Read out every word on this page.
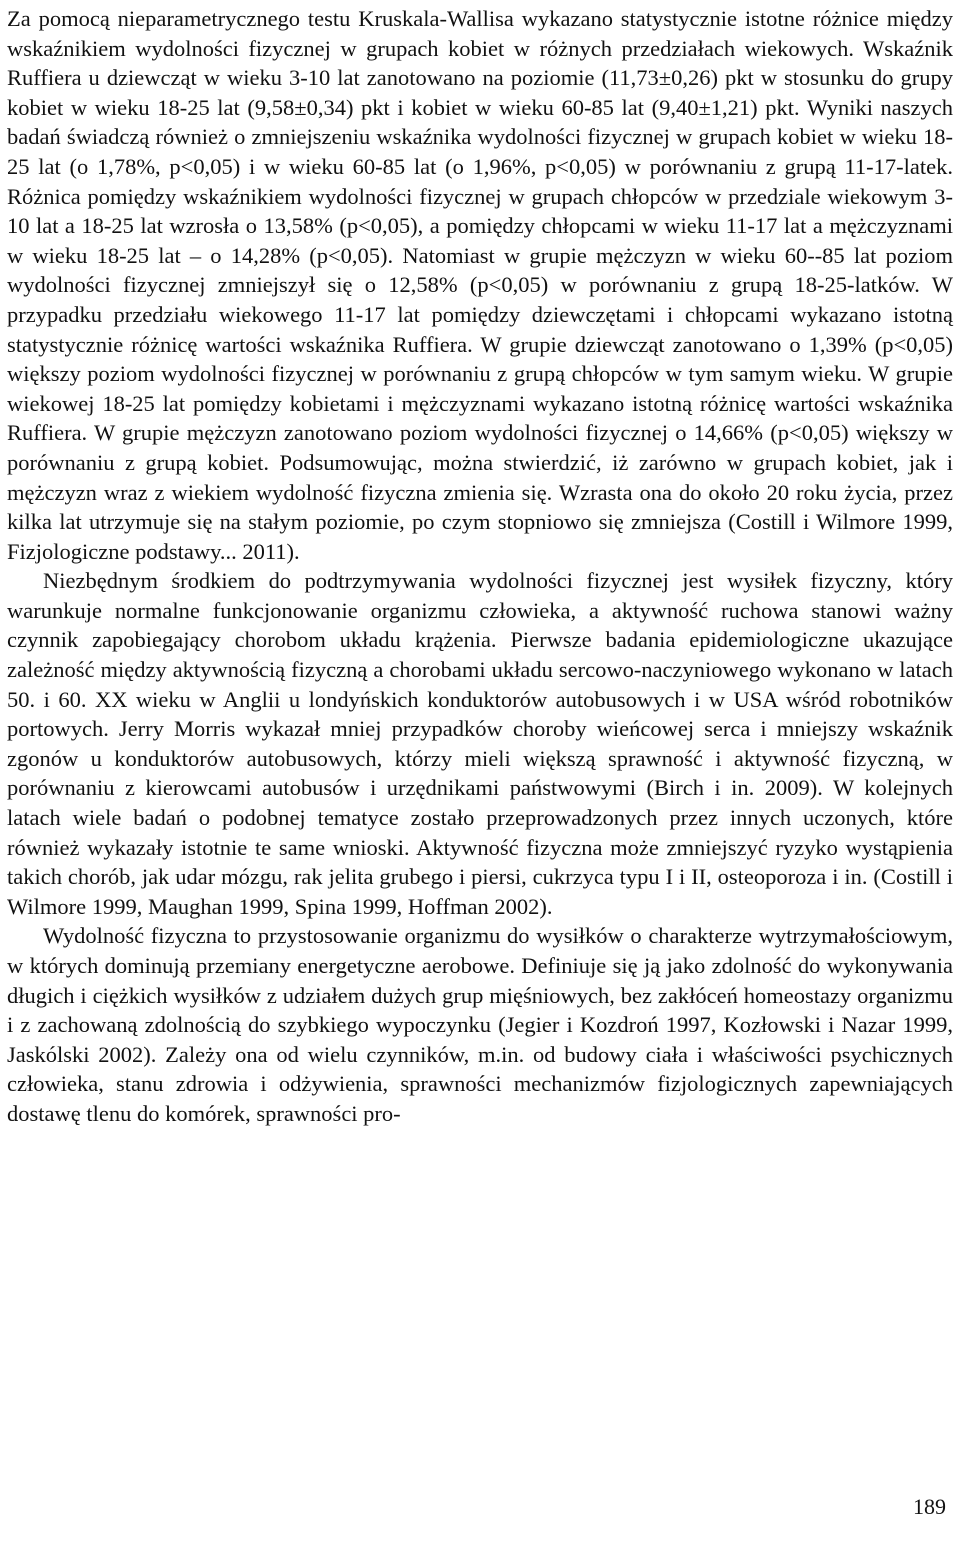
Za pomocą nieparametrycznego testu Kruskala-Wallisa wykazano statystycznie istotne różnice między wskaźnikiem wydolności fizycznej w grupach kobiet w różnych przedziałach wiekowych. Wskaźnik Ruffiera u dziewcząt w wieku 3-10 lat zanotowano na poziomie (11,73±0,26) pkt w stosunku do grupy kobiet w wieku 18-25 lat (9,58±0,34) pkt i kobiet w wieku 60-85 lat (9,40±1,21) pkt. Wyniki naszych badań świadczą również o zmniejszeniu wskaźnika wydolności fizycznej w grupach kobiet w wieku 18-25 lat (o 1,78%, p<0,05) i w wieku 60-85 lat (o 1,96%, p<0,05) w porównaniu z grupą 11-17-latek. Różnica pomiędzy wskaźnikiem wydolności fizycznej w grupach chłopców w przedziale wiekowym 3-10 lat a 18-25 lat wzrosła o 13,58% (p<0,05), a pomiędzy chłopcami w wieku 11-17 lat a mężczyznami w wieku 18-25 lat – o 14,28% (p<0,05). Natomiast w grupie mężczyzn w wieku 60--85 lat poziom wydolności fizycznej zmniejszył się o 12,58% (p<0,05) w porównaniu z grupą 18-25-latków. W przypadku przedziału wiekowego 11-17 lat pomiędzy dziewczętami i chłopcami wykazano istotną statystycznie różnicę wartości wskaźnika Ruffiera. W grupie dziewcząt zanotowano o 1,39% (p<0,05) większy poziom wydolności fizycznej w porównaniu z grupą chłopców w tym samym wieku. W grupie wiekowej 18-25 lat pomiędzy kobietami i mężczyznami wykazano istotną różnicę wartości wskaźnika Ruffiera. W grupie mężczyzn zanotowano poziom wydolności fizycznej o 14,66% (p<0,05) większy w porównaniu z grupą kobiet. Podsumowując, można stwierdzić, iż zarówno w grupach kobiet, jak i mężczyzn wraz z wiekiem wydolność fizyczna zmienia się. Wzrasta ona do około 20 roku życia, przez kilka lat utrzymuje się na stałym poziomie, po czym stopniowo się zmniejsza (Costill i Wilmore 1999, Fizjologiczne podstawy... 2011).

Niezbędnym środkiem do podtrzymywania wydolności fizycznej jest wysiłek fizyczny, który warunkuje normalne funkcjonowanie organizmu człowieka, a aktywność ruchowa stanowi ważny czynnik zapobiegający chorobom układu krążenia. Pierwsze badania epidemiologiczne ukazujące zależność między aktywnością fizyczną a chorobami układu sercowo-naczyniowego wykonano w latach 50. i 60. XX wieku w Anglii u londyńskich konduktorów autobusowych i w USA wśród robotników portowych. Jerry Morris wykazał mniej przypadków choroby wieńcowej serca i mniejszy wskaźnik zgonów u konduktorów autobusowych, którzy mieli większą sprawność i aktywność fizyczną, w porównaniu z kierowcami autobusów i urzędnikami państwowymi (Birch i in. 2009). W kolejnych latach wiele badań o podobnej tematyce zostało przeprowadzonych przez innych uczonych, które również wykazały istotnie te same wnioski. Aktywność fizyczna może zmniejszyć ryzyko wystąpienia takich chorób, jak udar mózgu, rak jelita grubego i piersi, cukrzyca typu I i II, osteoporoza i in. (Costill i Wilmore 1999, Maughan 1999, Spina 1999, Hoffman 2002).

Wydolność fizyczna to przystosowanie organizmu do wysiłków o charakterze wytrzymałościowym, w których dominują przemiany energetyczne aerobowe. Definiuje się ją jako zdolność do wykonywania długich i ciężkich wysiłków z udziałem dużych grup mięśniowych, bez zakłóceń homeostazy organizmu i z zachowaną zdolnością do szybkiego wypoczynku (Jegier i Kozdroń 1997, Kozłowski i Nazar 1999, Jaskólski 2002). Zależy ona od wielu czynników, m.in. od budowy ciała i właściwości psychicznych człowieka, stanu zdrowia i odżywienia, sprawności mechanizmów fizjologicznych zapewniających dostawę tlenu do komórek, sprawności pro-

189
